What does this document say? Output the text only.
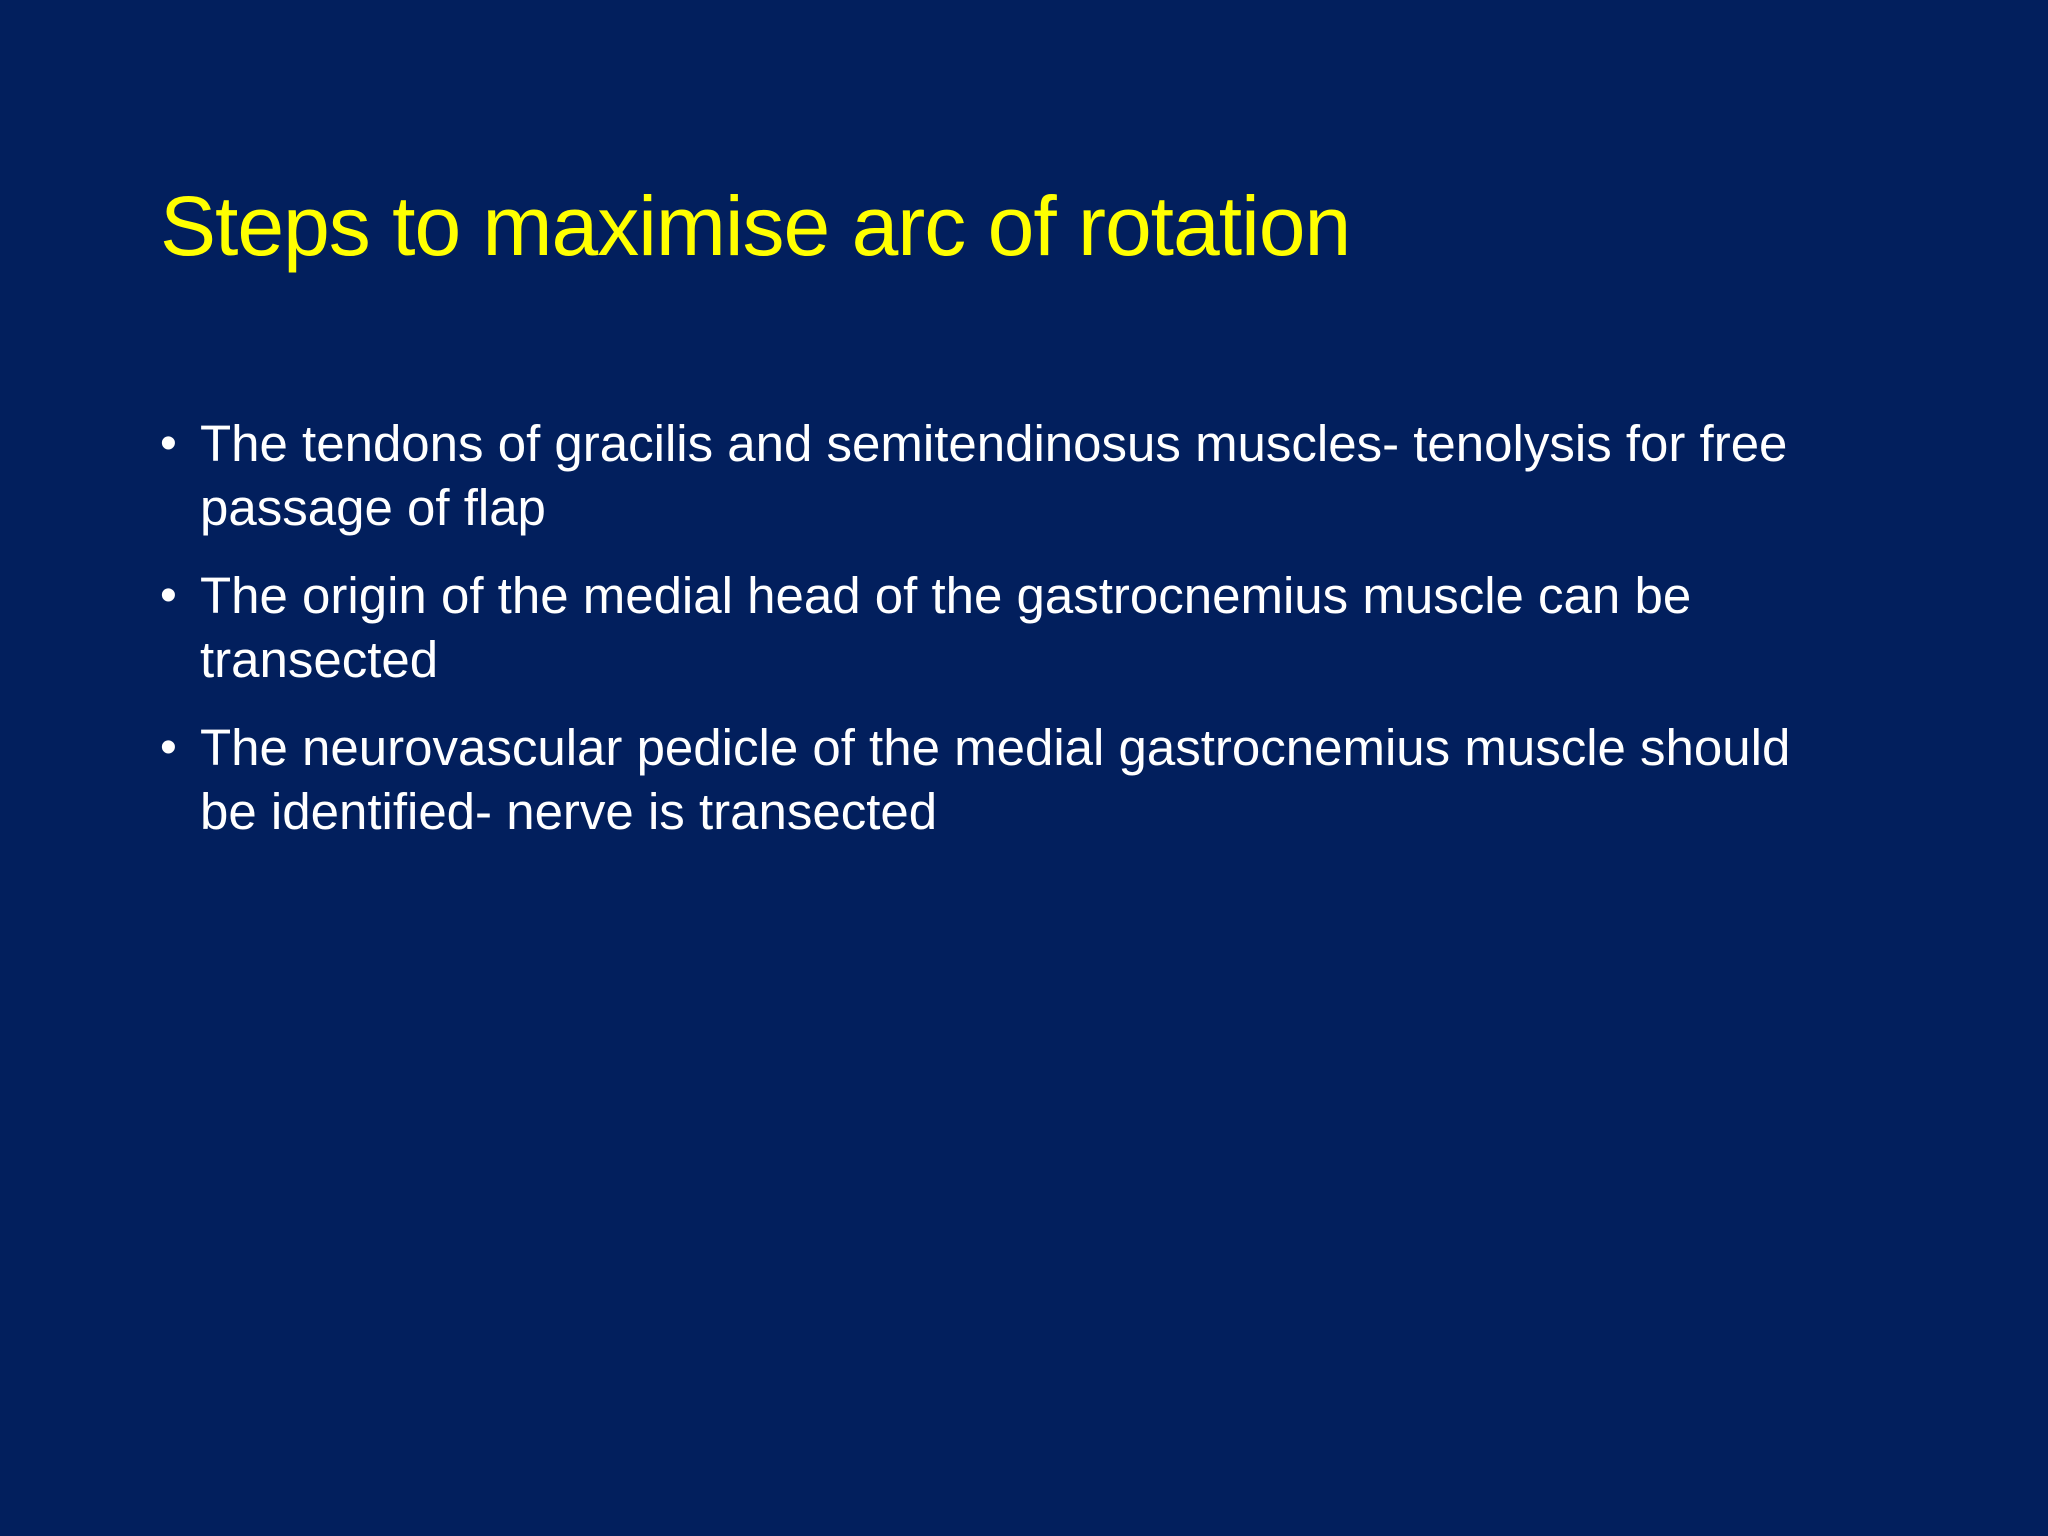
Steps to maximise arc of rotation
• The tendons of gracilis and semitendinosus muscles- tenolysis for free passage of flap
• The origin of the medial head of the gastrocnemius muscle can be transected
• The neurovascular pedicle of the medial gastrocnemius muscle should be identified- nerve is transected
